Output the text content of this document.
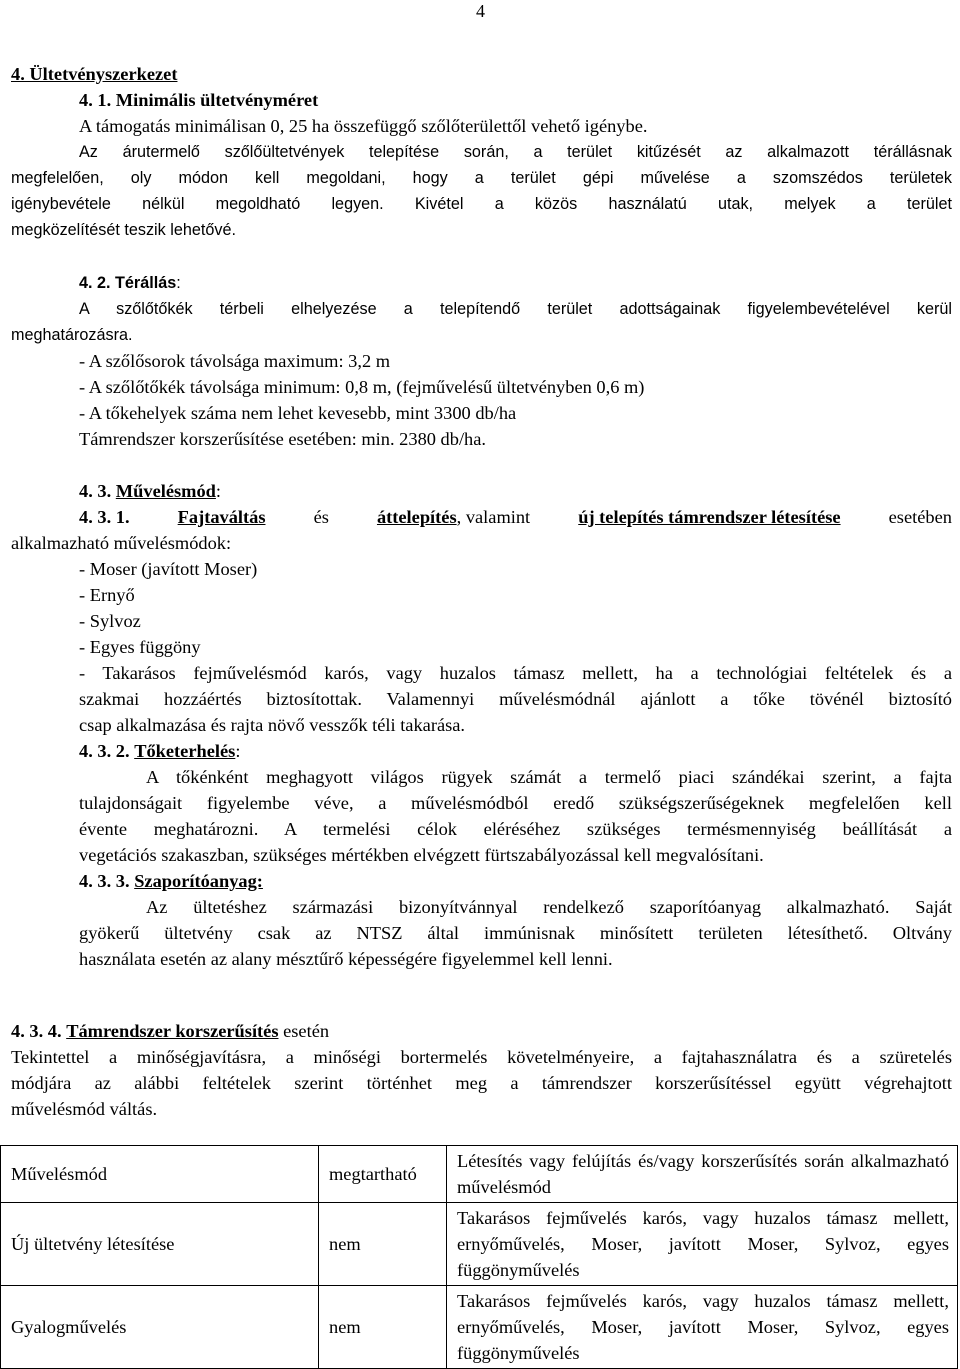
4
4. Ültetvényszerkezet
4. 1. Minimális ültetvényméret
A támogatás minimálisan 0, 25 ha összefüggő szőlőterülettől vehető igénybe.
Az árutermelő szőlőültetvények telepítése során, a terület kitűzését az alkalmazott térállásnak
megfelelően, oly módon kell megoldani, hogy a terület gépi művelése a szomszédos területek
igénybevétele nélkül megoldható legyen. Kivétel a közös használatú utak, melyek a terület
megközelítését teszik lehetővé.
4. 2. Térállás:
A szőlőtőkék térbeli elhelyezése a telepítendő terület adottságainak figyelembevételével kerül
meghatározásra.
- A szőlősorok távolsága maximum: 3,2 m
- A szőlőtőkék távolsága minimum: 0,8 m, (fejművelésű ültetvényben 0,6 m)
- A tőkehelyek száma nem lehet kevesebb, mint 3300 db/ha
Támrendszer korszerűsítése esetében: min. 2380 db/ha.
4. 3. Művelésmód:
4. 3. 1.	Fajtaváltás	és	áttelepítés, valamint	új telepítés támrendszer létesítése	esetében
alkalmazható művelésmódok:
- Moser (javított Moser)
- Ernyő
- Sylvoz
- Egyes függöny
- Takarásos fejművelésmód karós, vagy huzalos támasz mellett, ha a technológiai feltételek és a
szakmai hozzáértés biztosítottak. Valamennyi művelésmódnál ajánlott a tőke tövénél biztosító
csap alkalmazása és rajta növő vesszők téli takarása.
4. 3. 2. Tőketerhelés:
A tőkénként meghagyott világos rügyek számát a termelő piaci szándékai szerint, a fajta
tulajdonságait figyelembe véve, a művelésmódból eredő szükségszerűségeknek megfelelően kell
évente meghatározni. A termelési célok eléréséhez szükséges termésmennyiség beállítását a
vegetációs szakaszban, szükséges mértékben elvégzett fürtszabályozással kell megvalósítani.
4. 3. 3. Szaporítóanyag:
Az ültetéshez származási bizonyítvánnyal rendelkező szaporítóanyag alkalmazható. Saját
gyökerű ültetvény csak az NTSZ által immúnisnak minősített területen létesíthető. Oltvány
használata esetén az alany mésztűrő képességére figyelemmel kell lenni.
4. 3. 4. Támrendszer korszerűsítés esetén
Tekintettel a minőségjavításra, a minőségi bortermelés követelményeire, a fajtahasználatra és a szüretelés
módjára az alábbi feltételek szerint történhet meg a támrendszer korszerűsítéssel együtt végrehajtott
művelésmód váltás.
Művelésmód	megtartható	Létesítés vagy felújítás és/vagy korszerűsítés során alkalmazható művelésmód
Új ültetvény létesítése	nem	Takarásos fejművelés karós, vagy huzalos támasz mellett, ernyőművelés, Moser, javított Moser, Sylvoz, egyes függönyművelés
Gyalogművelés	nem	Takarásos fejművelés karós, vagy huzalos támasz mellett, ernyőművelés, Moser, javított Moser, Sylvoz, egyes függönyművelés
